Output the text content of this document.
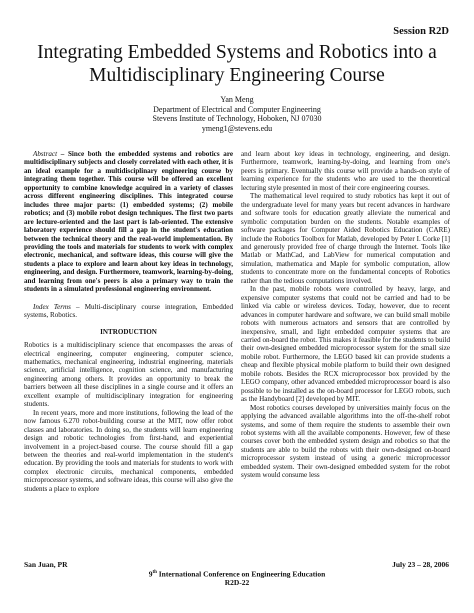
Session R2D
Integrating Embedded Systems and Robotics into a
Multidisciplinary Engineering Course
Yan Meng
Department of Electrical and Computer Engineering
Stevens Institute of Technology, Hoboken, NJ 07030
ymeng1@stevens.edu

Abstract – Since both the embedded systems and robotics are multidisciplinary subjects and closely correlated with each other, it is an ideal example for a multidisciplinary engineering course by integrating them together. This course will be offered an excellent opportunity to combine knowledge acquired in a variety of classes across different engineering disciplines. This integrated course includes three major parts: (1) embedded systems; (2) mobile robotics; and (3) mobile robot design techniques. The first two parts are lecture-oriented and the last part is lab-oriented. The extensive laboratory experience should fill a gap in the student's education between the technical theory and the real-world implementation. By providing the tools and materials for students to work with complex electronic, mechanical, and software ideas, this course will give the students a place to explore and learn about key ideas in technology, engineering, and design. Furthermore, teamwork, learning-by-doing, and learning from one's peers is also a primary way to train the students in a simulated professional engineering environment.

Index Terms – Multi-disciplinary course integration, Embedded systems, Robotics.

INTRODUCTION

Robotics is a multidisciplinary science that encompasses the areas of electrical engineering, computer engineering, computer science, mathematics, mechanical engineering, industrial engineering, materials science, artificial intelligence, cognition science, and manufacturing engineering among others. It provides an opportunity to break the barriers between all these disciplines in a single course and it offers an excellent example of multidisciplinary integration for engineering students.

In recent years, more and more institutions, following the lead of the now famous 6.270 robot-building course at the MIT, now offer robot classes and laboratories. In doing so, the students will learn engineering design and robotic technologies from first-hand, and experiential involvement in a project-based course. The course should fill a gap between the theories and real-world implementation in the student's education. By providing the tools and materials for students to work with complex electronic circuits, mechanical components, embedded microprocessor systems, and software ideas, this course will also give the students a place to explore

and learn about key ideas in technology, engineering, and design. Furthermore, teamwork, learning-by-doing, and learning from one's peers is primary. Eventually this course will provide a hands-on style of learning experience for the students who are used to the theoretical lecturing style presented in most of their core engineering courses.

The mathematical level required to study robotics has kept it out of the undergraduate level for many years but recent advances in hardware and software tools for education greatly alleviate the numerical and symbolic computation burden on the students. Notable examples of software packages for Computer Aided Robotics Education (CARE) include the Robotics Toolbox for Matlab, developed by Peter I. Corke [1] and generously provided free of charge through the Internet. Tools like Matlab or MathCad, and LabView for numerical computation and simulation, mathematica and Maple for symbolic computation, allow students to concentrate more on the fundamental concepts of Robotics rather than the tedious computations involved.

In the past, mobile robots were controlled by heavy, large, and expensive computer systems that could not be carried and had to be linked via cable or wireless devices. Today, however, due to recent advances in computer hardware and software, we can build small mobile robots with numerous actuators and sensors that are controlled by inexpensive, small, and light embedded computer systems that are carried on-board the robot. This makes it feasible for the students to build their own-designed embedded microprocessor system for the small size mobile robot. Furthermore, the LEGO based kit can provide students a cheap and flexible physical mobile platform to build their own designed mobile robots. Besides the RCX microprocessor box provided by the LEGO company, other advanced embedded microprocessor board is also possible to be installed as the on-board processor for LEGO robots, such as the Handyboard [2] developed by MIT.

Most robotics courses developed by universities mainly focus on the applying the advanced available algorithms into the off-the-shelf robot systems, and some of them require the students to assemble their own robot systems with all the available components. However, few of these courses cover both the embedded system design and robotics so that the students are able to build the robots with their own-designed on-board microprocessor system instead of using a generic microprocessor embedded system. Their own-designed embedded system for the robot system would consume less

San Juan, PR	July 23 – 28, 2006
9th International Conference on Engineering Education
R2D-22
